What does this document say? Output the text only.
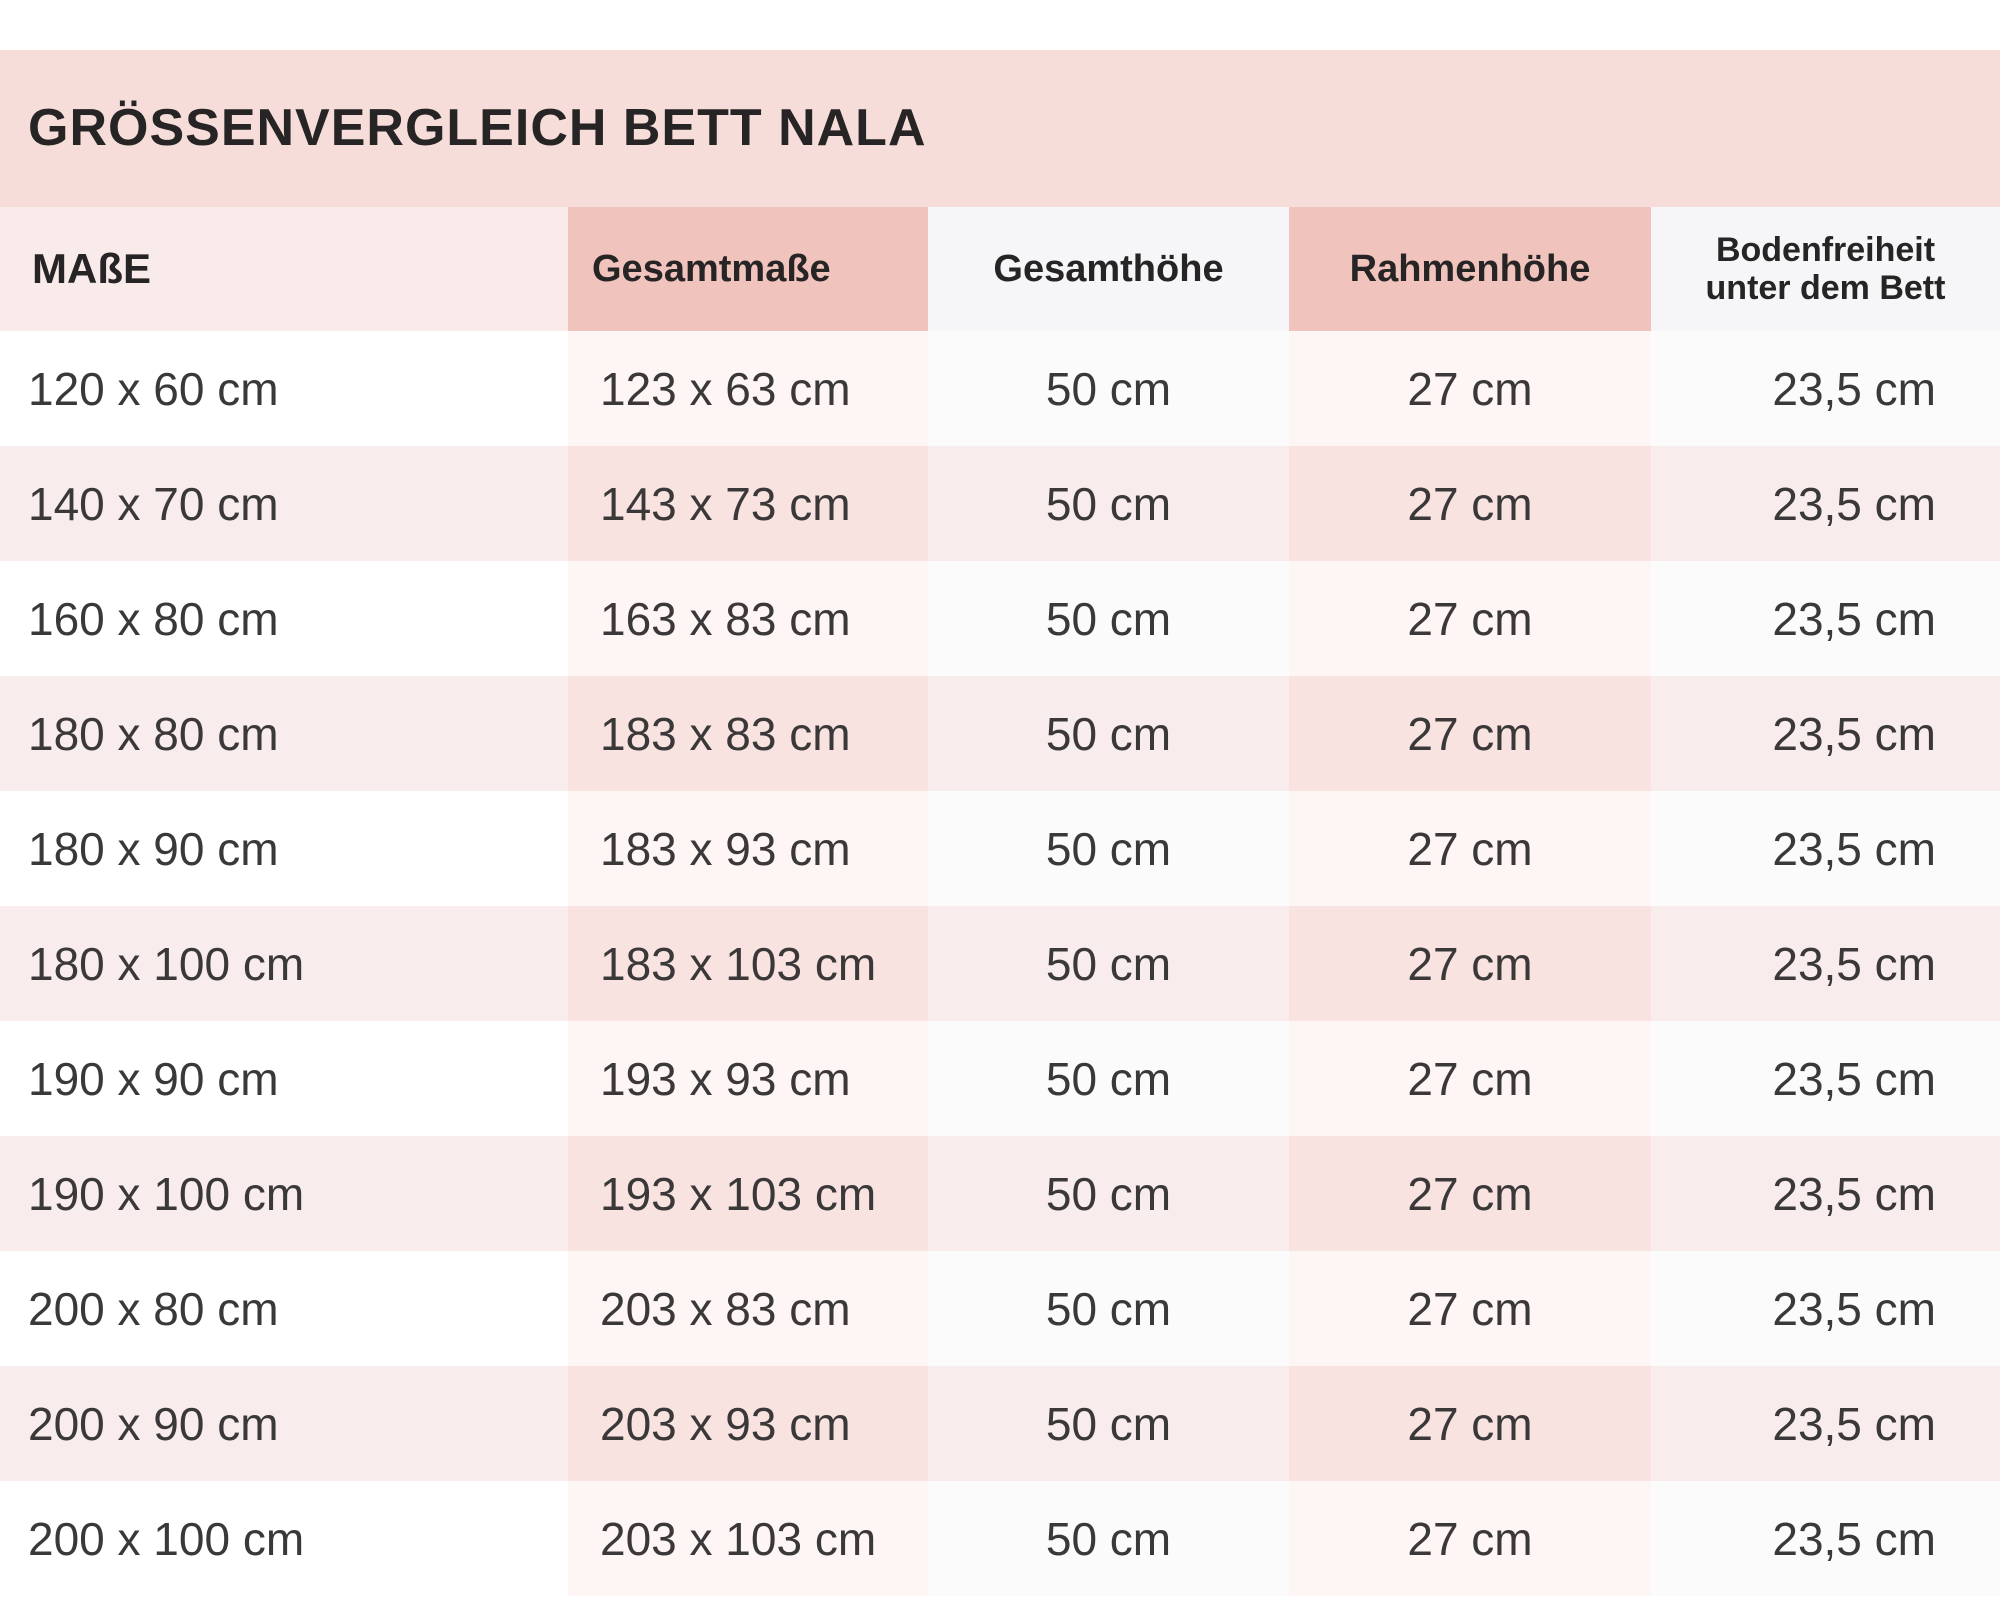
GRÖSSENVERGLEICH BETT NALA
MAßE	Gesamtmaße	Gesamthöhe	Rahmenhöhe	Bodenfreiheit
unter dem Bett
120 x 60 cm	123 x 63 cm	50 cm	27 cm	23,5 cm
140 x 70 cm	143 x 73 cm	50 cm	27 cm	23,5 cm
160 x 80 cm	163 x 83 cm	50 cm	27 cm	23,5 cm
180 x 80 cm	183 x 83 cm	50 cm	27 cm	23,5 cm
180 x 90 cm	183 x 93 cm	50 cm	27 cm	23,5 cm
180 x 100 cm	183 x 103 cm	50 cm	27 cm	23,5 cm
190 x 90 cm	193 x 93 cm	50 cm	27 cm	23,5 cm
190 x 100 cm	193 x 103 cm	50 cm	27 cm	23,5 cm
200 x 80 cm	203 x 83 cm	50 cm	27 cm	23,5 cm
200 x 90 cm	203 x 93 cm	50 cm	27 cm	23,5 cm
200 x 100 cm	203 x 103 cm	50 cm	27 cm	23,5 cm
